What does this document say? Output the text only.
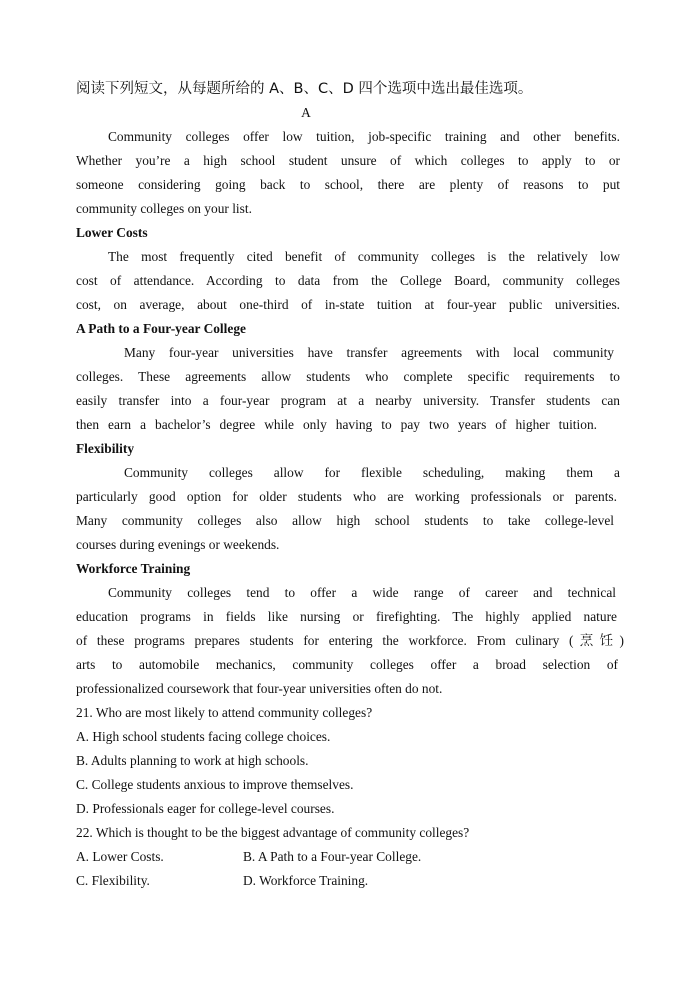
阅读下列短文，从每题所给的 A、B、C、D 四个选项中选出最佳选项。
A
Community colleges offer low tuition, job-specific training and other benefits.
Whether you’re a high school student unsure of which colleges to apply to or
someone considering going back to school, there are plenty of reasons to put
community colleges on your list.
Lower Costs
The most frequently cited benefit of community colleges is the relatively low
cost of attendance. According to data from the College Board, community colleges
cost, on average, about one-third of in-state tuition at four-year public universities.
A Path to a Four-year College
Many four-year universities have transfer agreements with local community
colleges. These agreements allow students who complete specific requirements to
easily transfer into a four-year program at a nearby university. Transfer students can
then earn a bachelor’s degree while only having to pay two years of higher tuition.
Flexibility
Community colleges allow for flexible scheduling, making them a
particularly good option for older students who are working professionals or parents.
Many community colleges also allow high school students to take college-level
courses during evenings or weekends.
Workforce Training
Community colleges tend to offer a wide range of career and technical
education programs in fields like nursing or firefighting. The highly applied nature
of these programs prepares students for entering the workforce. From culinary (烹饪)
arts to automobile mechanics, community colleges offer a broad selection of
professionalized coursework that four-year universities often do not.
21. Who are most likely to attend community colleges?
A. High school students facing college choices.
B. Adults planning to work at high schools.
C. College students anxious to improve themselves.
D. Professionals eager for college-level courses.
22. Which is thought to be the biggest advantage of community colleges?
A. Lower Costs.	B. A Path to a Four-year College.
C. Flexibility.	D. Workforce Training.
